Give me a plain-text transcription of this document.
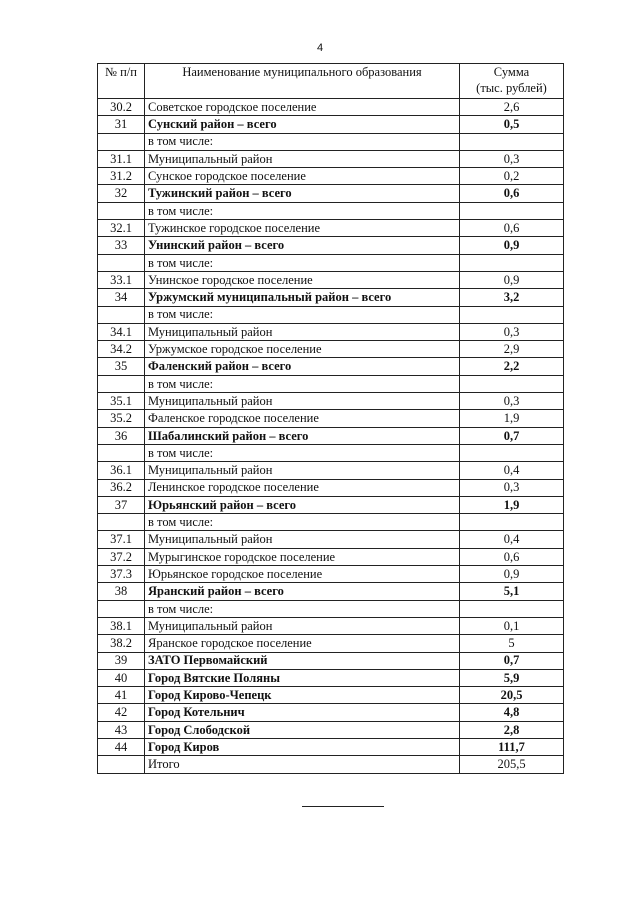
4
№ п/п	Наименование муниципального образования	Сумма
(тыс. рублей)

30.2	Советское городское поселение	2,6
31	Сунский район – всего	0,5
	в том числе:	
31.1	Муниципальный район	0,3
31.2	Сунское городское поселение	0,2
32	Тужинский район – всего	0,6
	в том числе:	
32.1	Тужинское городское поселение	0,6
33	Унинский район – всего	0,9
	в том числе:	
33.1	Унинское городское поселение	0,9
34	Уржумский муниципальный район – всего	3,2
	в том числе:	
34.1	Муниципальный район	0,3
34.2	Уржумское городское поселение	2,9
35	Фаленский район – всего	2,2
	в том числе:	
35.1	Муниципальный район	0,3
35.2	Фаленское городское поселение	1,9
36	Шабалинский район – всего	0,7
	в том числе:	
36.1	Муниципальный район	0,4
36.2	Ленинское городское поселение	0,3
37	Юрьянский район – всего	1,9
	в том числе:	
37.1	Муниципальный район	0,4
37.2	Мурыгинское городское поселение	0,6
37.3	Юрьянское городское поселение	0,9
38	Яранский район – всего	5,1
	в том числе:	
38.1	Муниципальный район	0,1
38.2	Яранское городское поселение	5
39	ЗАТО Первомайский	0,7
40	Город Вятские Поляны	5,9
41	Город Кирово-Чепецк	20,5
42	Город Котельнич	4,8
43	Город Слободской	2,8
44	Город Киров	111,7
	Итого	205,5
